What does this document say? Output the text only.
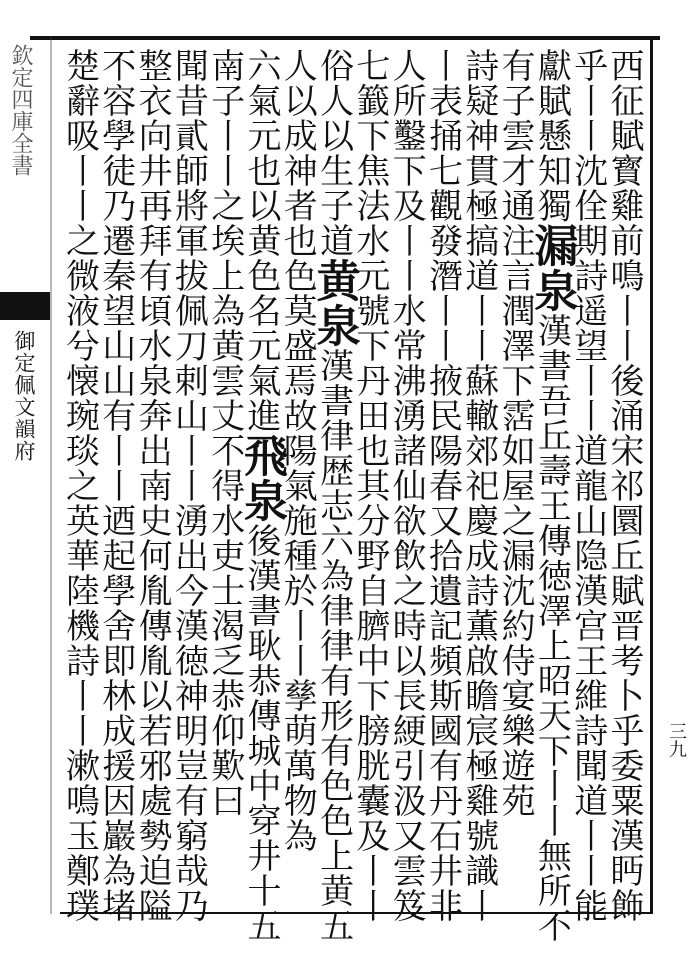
欽定四庫全書
御定佩文韻府
三九
西征賦寳雞前鳴丨丨後涌宋祁圜丘賦晋考卜乎委粟漢眄飾
乎丨丨沈佺期詩遥望丨丨道龍山隐漢宫王維詩聞道丨丨能
獻賦懸知獨漏泉漢書吾丘壽王傳徳澤上昭天下丨丨無所不
有子雲才通注言潤澤下霑如屋之漏沈約侍宴樂遊苑
詩疑神貫極搞道丨丨蘇轍郊祀慶成詩薫啟瞻宸極雞號識丨
丨表捅七觀發潛丨丨掖民陽春又拾遺記頻斯國有丹石井非
人所鑿下及丨丨水常沸湧諸仙欲飲之時以長綆引汲又雲笈
七籖下焦法水元號下丹田也其分野自臍中下膀胱囊及丨丨
俗人以生子道黄泉漢書律歴志六為律律有形有色色上黄五
人以成神者也色莫盛焉故陽氣施種於丨丨孳萌萬物為
六氣元也以黄色名元氣進飛泉後漢書耿恭傳城中穿井十五
南子丨丨之埃上為黄雲丈不得水吏士渴乏恭仰歎曰
聞昔貳師將軍拔佩刀剌山丨丨湧出今漢徳神明豈有窮哉乃
整衣向井再拜有頃水泉奔出南史何胤傳胤以若邪處勢迫隘
不容學徒乃遷秦望山山有丨丨迺起學舍即林成援因巖為堵
楚辭吸丨丨之微液兮懐琬琰之英華陸機詩丨丨漱鳴玉鄭璞
